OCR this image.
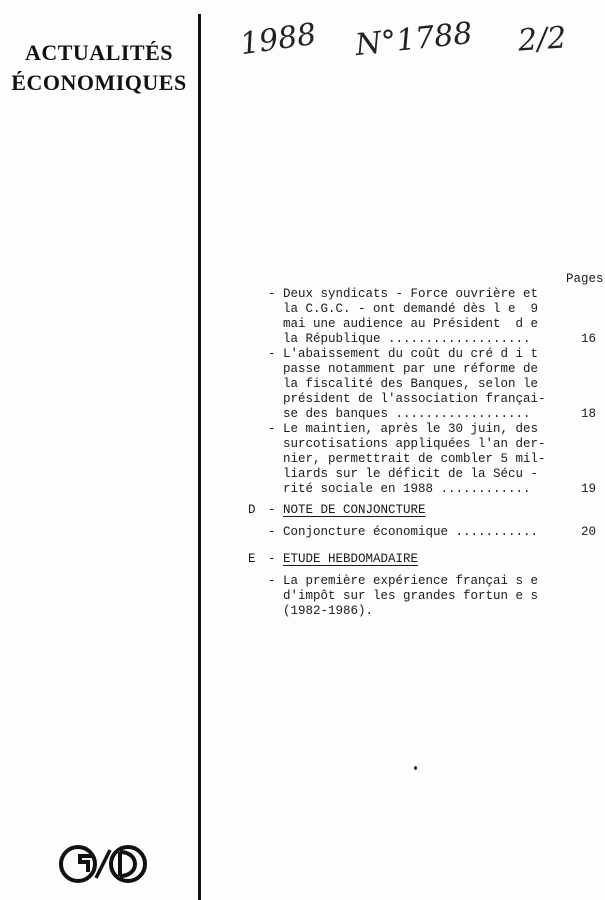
ACTUALITÉS
ÉCONOMIQUES
1988 N°1788 2/2
Pages
- Deux syndicats - Force ouvrière et
la C.G.C. - ont demandé dès l e  9
mai une audience au Président  d e
la République ...................	16
- L'abaissement du coût du cré d i t
passe notamment par une réforme de
la fiscalité des Banques, selon le
président de l'association françai-
se des banques ..................	18
- Le maintien, après le 30 juin, des
surcotisations appliquées l'an der-
nier, permettrait de combler 5 mil-
liards sur le déficit de la Sécu -
rité sociale en 1988 ............	19
D - NOTE DE CONJONCTURE
- Conjoncture économique ...........	20
E - ETUDE HEBDOMADAIRE
- La première expérience françai s e
d'impôt sur les grandes fortun e s
(1982-1986).
